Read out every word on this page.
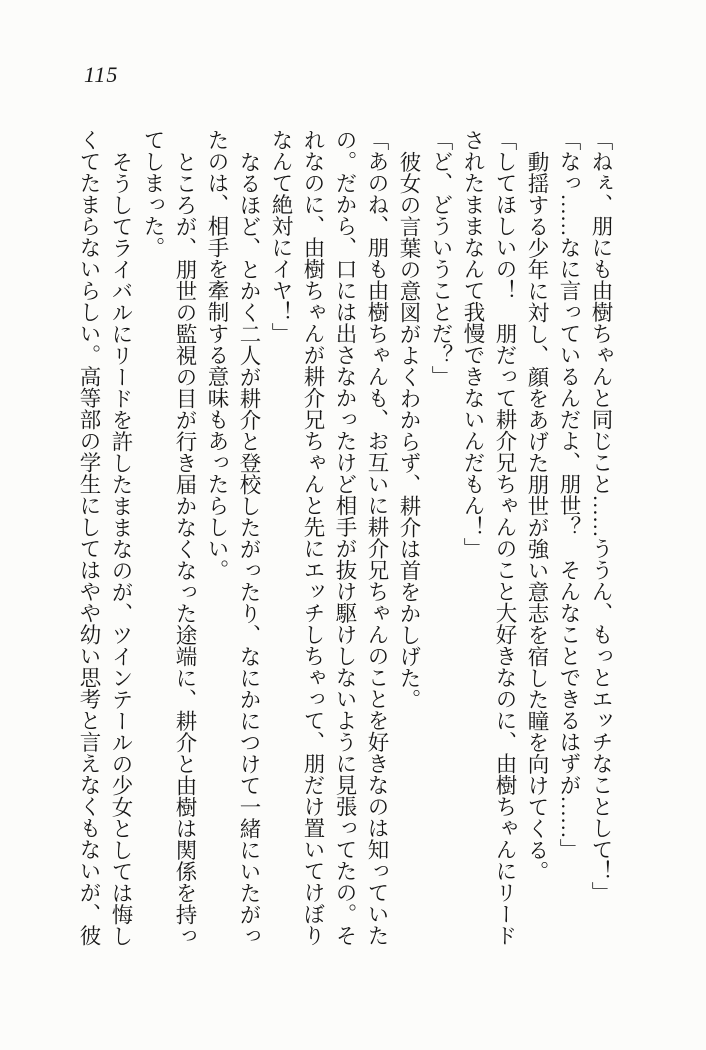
115
「ねぇ、朋にも由樹ちゃんと同じこと……ううん、もっとエッチなことして！」
「なっ……なに言っているんだよ、朋世？　そんなことできるはずが……」
動揺する少年に対し、顔をあげた朋世が強い意志を宿した瞳を向けてくる。
「してほしいの！　朋だって耕介兄ちゃんのこと大好きなのに、由樹ちゃんにリード
されたままなんて我慢できないんだもん！」
「ど、どういうことだ？」
彼女の言葉の意図がよくわからず、耕介は首をかしげた。
「あのね、朋も由樹ちゃんも、お互いに耕介兄ちゃんのことを好きなのは知っていた
の。だから、口には出さなかったけど相手が抜け駆けしないように見張ってたの。そ
れなのに、由樹ちゃんが耕介兄ちゃんと先にエッチしちゃって、朋だけ置いてけぼり
なんて絶対にイヤ！」
なるほど、とかく二人が耕介と登校したがったり、なにかにつけて一緒にいたがっ
たのは、相手を牽制する意味もあったらしい。
ところが、朋世の監視の目が行き届かなくなった途端に、耕介と由樹は関係を持っ
てしまった。
そうしてライバルにリードを許したままなのが、ツインテールの少女としては悔し
くてたまらないらしい。高等部の学生にしてはやや幼い思考と言えなくもないが、彼
